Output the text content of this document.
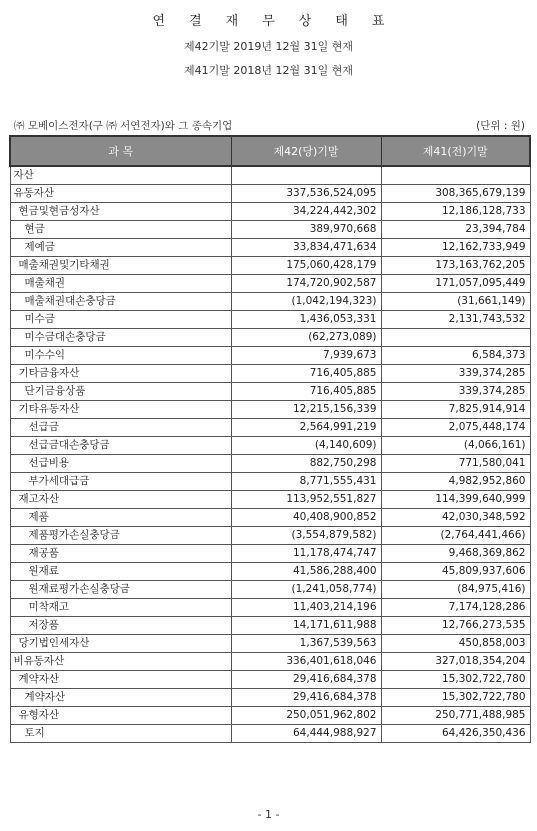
연 결 재 무 상 태 표
제42기말 2019년 12월 31일 현재
제41기말 2018년 12월 31일 현재
㈜ 모베이스전자(구 ㈜ 서연전자)와 그 종속기업	(단위 : 원)
과 목	제42(당)기말	제41(전)기말
자산		
유동자산	337,536,524,095	308,365,679,139
현금및현금성자산	34,224,442,302	12,186,128,733
현금	389,970,668	23,394,784
제예금	33,834,471,634	12,162,733,949
매출채권및기타채권	175,060,428,179	173,163,762,205
매출채권	174,720,902,587	171,057,095,449
매출채권대손충당금	(1,042,194,323)	(31,661,149)
미수금	1,436,053,331	2,131,743,532
미수금대손충당금	(62,273,089)	
미수수익	7,939,673	6,584,373
기타금융자산	716,405,885	339,374,285
단기금융상품	716,405,885	339,374,285
기타유동자산	12,215,156,339	7,825,914,914
선급금	2,564,991,219	2,075,448,174
선급금대손충당금	(4,140,609)	(4,066,161)
선급비용	882,750,298	771,580,041
부가세대급금	8,771,555,431	4,982,952,860
재고자산	113,952,551,827	114,399,640,999
제품	40,408,900,852	42,030,348,592
제품평가손실충당금	(3,554,879,582)	(2,764,441,466)
재공품	11,178,474,747	9,468,369,862
원재료	41,586,288,400	45,809,937,606
원재료평가손실충당금	(1,241,058,774)	(84,975,416)
미착재고	11,403,214,196	7,174,128,286
저장품	14,171,611,988	12,766,273,535
당기법인세자산	1,367,539,563	450,858,003
비유동자산	336,401,618,046	327,018,354,204
계약자산	29,416,684,378	15,302,722,780
계약자산	29,416,684,378	15,302,722,780
유형자산	250,051,962,802	250,771,488,985
토지	64,444,988,927	64,426,350,436
- 1 -
